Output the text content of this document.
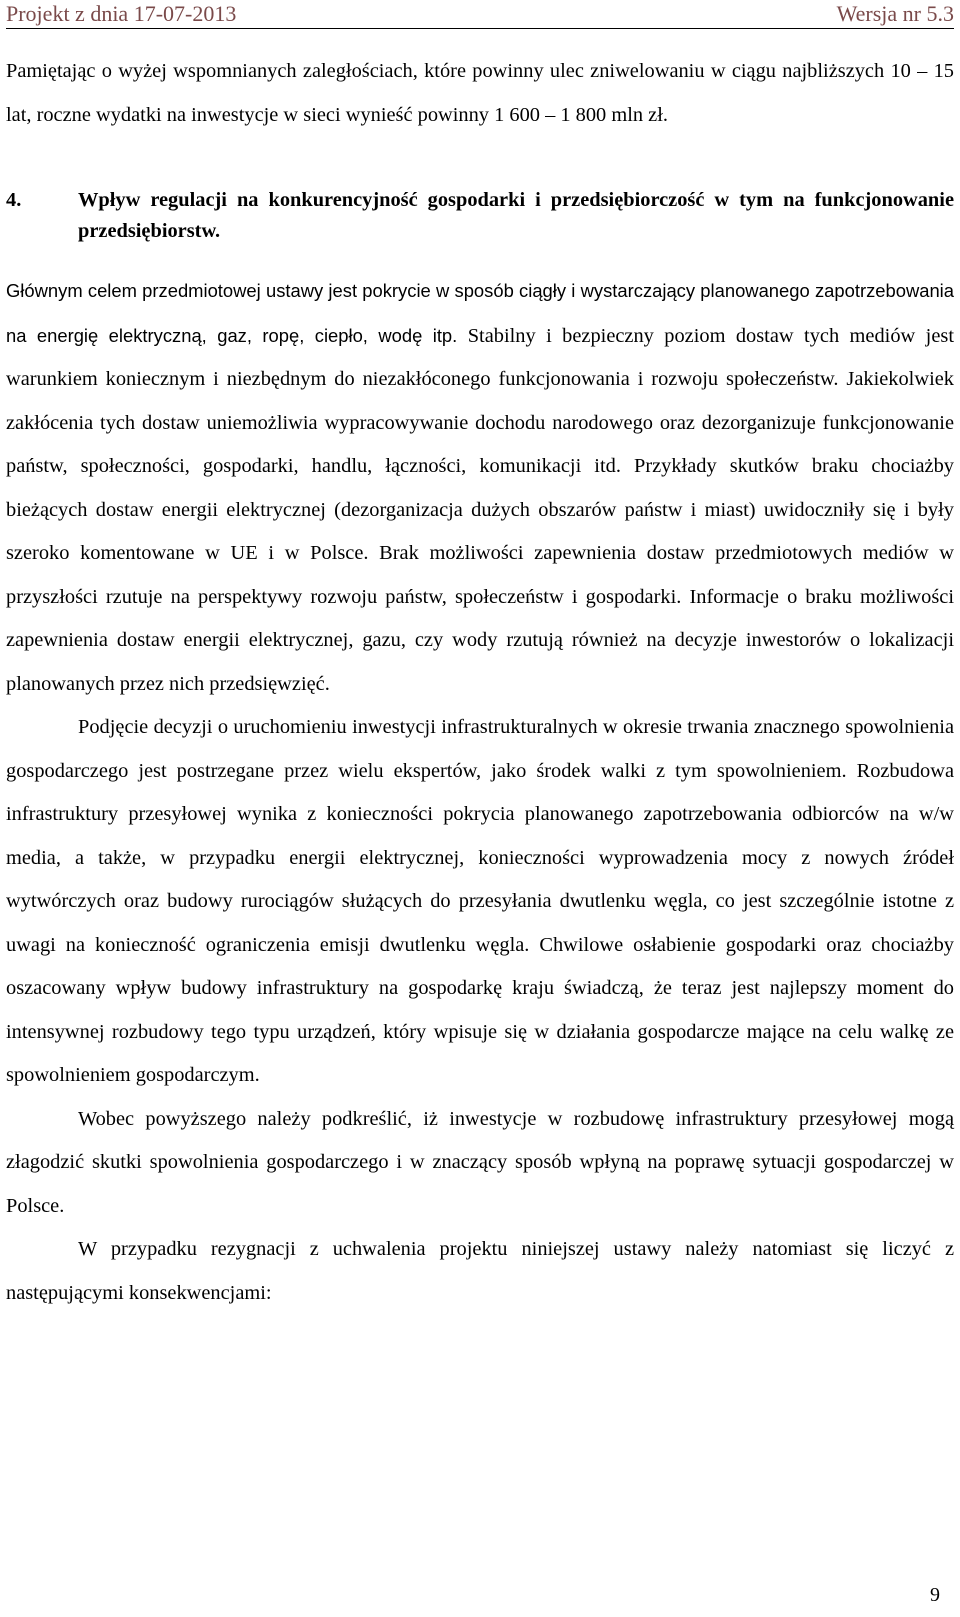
Projekt z dnia 17-07-2013	Wersja nr 5.3

Pamiętając o wyżej wspomnianych zaległościach, które powinny ulec zniwelowaniu w ciągu najbliższych 10 – 15 lat, roczne wydatki na inwestycje w sieci wynieść powinny 1 600 – 1 800 mln zł.

4.	Wpływ regulacji na konkurencyjność gospodarki i przedsiębiorczość w tym na funkcjonowanie przedsiębiorstw.

Głównym celem przedmiotowej ustawy jest pokrycie w sposób ciągły i wystarczający planowanego zapotrzebowania na energię elektryczną, gaz, ropę, ciepło, wodę itp. Stabilny i bezpieczny poziom dostaw tych mediów jest warunkiem koniecznym i niezbędnym do niezakłóconego funkcjonowania i rozwoju społeczeństw. Jakiekolwiek zakłócenia tych dostaw uniemożliwia wypracowywanie dochodu narodowego oraz dezorganizuje funkcjonowanie państw, społeczności, gospodarki, handlu, łączności, komunikacji itd. Przykłady skutków braku chociażby bieżących dostaw energii elektrycznej (dezorganizacja dużych obszarów państw i miast) uwidoczniły się i były szeroko komentowane w UE i w Polsce. Brak możliwości zapewnienia dostaw przedmiotowych mediów w przyszłości rzutuje na perspektywy rozwoju państw, społeczeństw i gospodarki. Informacje o braku możliwości zapewnienia dostaw energii elektrycznej, gazu, czy wody rzutują również na decyzje inwestorów o lokalizacji planowanych przez nich przedsięwzięć.

Podjęcie decyzji o uruchomieniu inwestycji infrastrukturalnych w okresie trwania znacznego spowolnienia gospodarczego jest postrzegane przez wielu ekspertów, jako środek walki z tym spowolnieniem. Rozbudowa infrastruktury przesyłowej wynika z konieczności pokrycia planowanego zapotrzebowania odbiorców na w/w media, a także, w przypadku energii elektrycznej, konieczności wyprowadzenia mocy z nowych źródeł wytwórczych oraz budowy rurociągów służących do przesyłania dwutlenku węgla, co jest szczególnie istotne z uwagi na konieczność ograniczenia emisji dwutlenku węgla. Chwilowe osłabienie gospodarki oraz chociażby oszacowany wpływ budowy infrastruktury na gospodarkę kraju świadczą, że teraz jest najlepszy moment do intensywnej rozbudowy tego typu urządzeń, który wpisuje się w działania gospodarcze mające na celu walkę ze spowolnieniem gospodarczym.

Wobec powyższego należy podkreślić, iż inwestycje w rozbudowę infrastruktury przesyłowej mogą złagodzić skutki spowolnienia gospodarczego i w znaczący sposób wpłyną na poprawę sytuacji gospodarczej w Polsce.

W przypadku rezygnacji z uchwalenia projektu niniejszej ustawy należy natomiast się liczyć z następującymi konsekwencjami:

9
